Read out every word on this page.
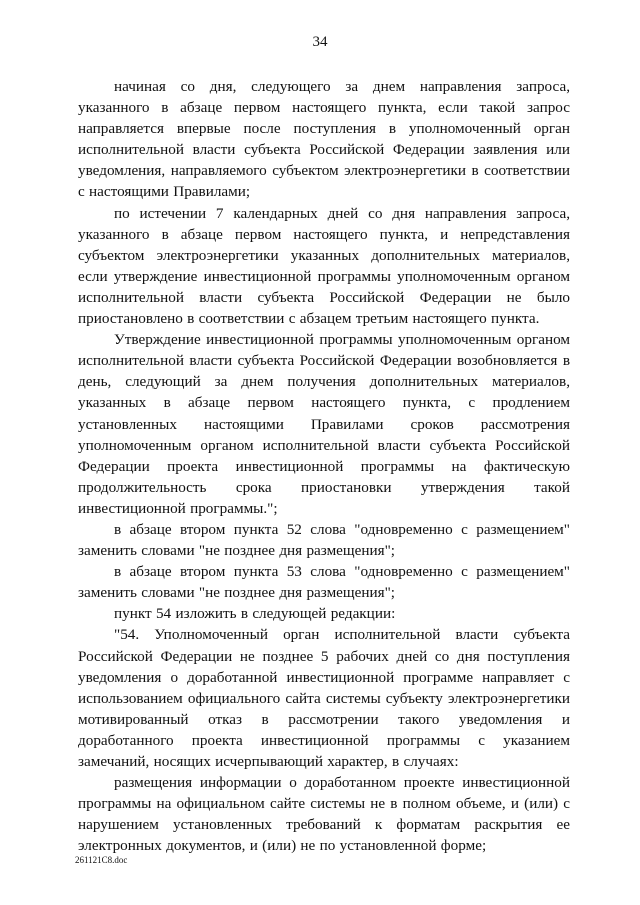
34

начиная со дня, следующего за днем направления запроса, указанного в абзаце первом настоящего пункта, если такой запрос направляется впервые после поступления в уполномоченный орган исполнительной власти субъекта Российской Федерации заявления или уведомления, направляемого субъектом электроэнергетики в соответствии с настоящими Правилами;

по истечении 7 календарных дней со дня направления запроса, указанного в абзаце первом настоящего пункта, и непредставления субъектом электроэнергетики указанных дополнительных материалов, если утверждение инвестиционной программы уполномоченным органом исполнительной власти субъекта Российской Федерации не было приостановлено в соответствии с абзацем третьим настоящего пункта.

Утверждение инвестиционной программы уполномоченным органом исполнительной власти субъекта Российской Федерации возобновляется в день, следующий за днем получения дополнительных материалов, указанных в абзаце первом настоящего пункта, с продлением установленных настоящими Правилами сроков рассмотрения уполномоченным органом исполнительной власти субъекта Российской Федерации проекта инвестиционной программы на фактическую продолжительность срока приостановки утверждения такой инвестиционной программы.";

в абзаце втором пункта 52 слова "одновременно с размещением" заменить словами "не позднее дня размещения";

в абзаце втором пункта 53 слова "одновременно с размещением" заменить словами "не позднее дня размещения";

пункт 54 изложить в следующей редакции:

"54. Уполномоченный орган исполнительной власти субъекта Российской Федерации не позднее 5 рабочих дней со дня поступления уведомления о доработанной инвестиционной программе направляет с использованием официального сайта системы субъекту электроэнергетики мотивированный отказ в рассмотрении такого уведомления и доработанного проекта инвестиционной программы с указанием замечаний, носящих исчерпывающий характер, в случаях:

размещения информации о доработанном проекте инвестиционной программы на официальном сайте системы не в полном объеме, и (или) с нарушением установленных требований к форматам раскрытия ее электронных документов, и (или) не по установленной форме;

261121C8.doc
